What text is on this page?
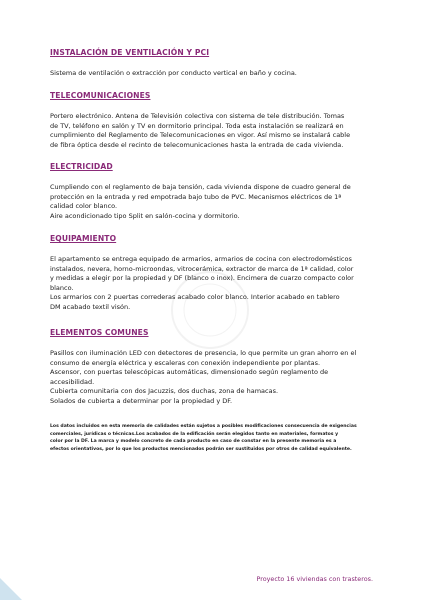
INSTALACIÓN DE VENTILACIÓN Y PCI

Sistema de ventilación o extracción por conducto vertical en baño y cocina.

TELECOMUNICACIONES

Portero electrónico. Antena de Televisión colectiva con sistema de tele distribución. Tomas

de TV, teléfono en salón y TV en dormitorio principal. Toda esta instalación se realizará en

cumplimiento del Reglamento de Telecomunicaciones en vigor. Así mismo se instalará cable

de fibra óptica desde el recinto de telecomunicaciones hasta la entrada de cada vivienda.

ELECTRICIDAD

Cumpliendo con el reglamento de baja tensión, cada vivienda dispone de cuadro general de

protección en la entrada y red empotrada bajo tubo de PVC. Mecanismos eléctricos de 1ª

calidad color blanco.

Aire acondicionado tipo Split en salón-cocina y dormitorio.

EQUIPAMIENTO

El apartamento se entrega equipado de armarios, armarios de cocina con electrodomésticos

instalados, nevera, horno-microondas, vitrocerámica, extractor de marca de 1ª calidad, color

y medidas a elegir por la propiedad y DF (blanco o inox). Encimera de cuarzo compacto color

blanco.

Los armarios con 2 puertas correderas acabado color blanco. Interior acabado en tablero

DM acabado textil visón.

ELEMENTOS COMUNES

Pasillos con iluminación LED con detectores de presencia, lo que permite un gran ahorro en el

consumo de energía eléctrica y escaleras con conexión independiente por plantas.

Ascensor, con puertas telescópicas automáticas, dimensionado según reglamento de

accesibilidad.

Cubierta comunitaria con dos Jacuzzis, dos duchas, zona de hamacas.

Solados de cubierta a determinar por la propiedad y DF.

Los datos incluidos en esta memoria de calidades están sujetos a posibles modificaciones consecuencia de exigencias
comerciales, jurídicas o técnicas.Los acabados de la edificación serán elegidos tanto en materiales, formatos y
color por la DF. La marca y modelo concreto de cada producto en caso de constar en la presente memoria es a
efectos orientativos, por lo que los productos mencionados podrán ser sustituidos por otros de calidad equivalente.
Proyecto 16 viviendas con trasteros.
